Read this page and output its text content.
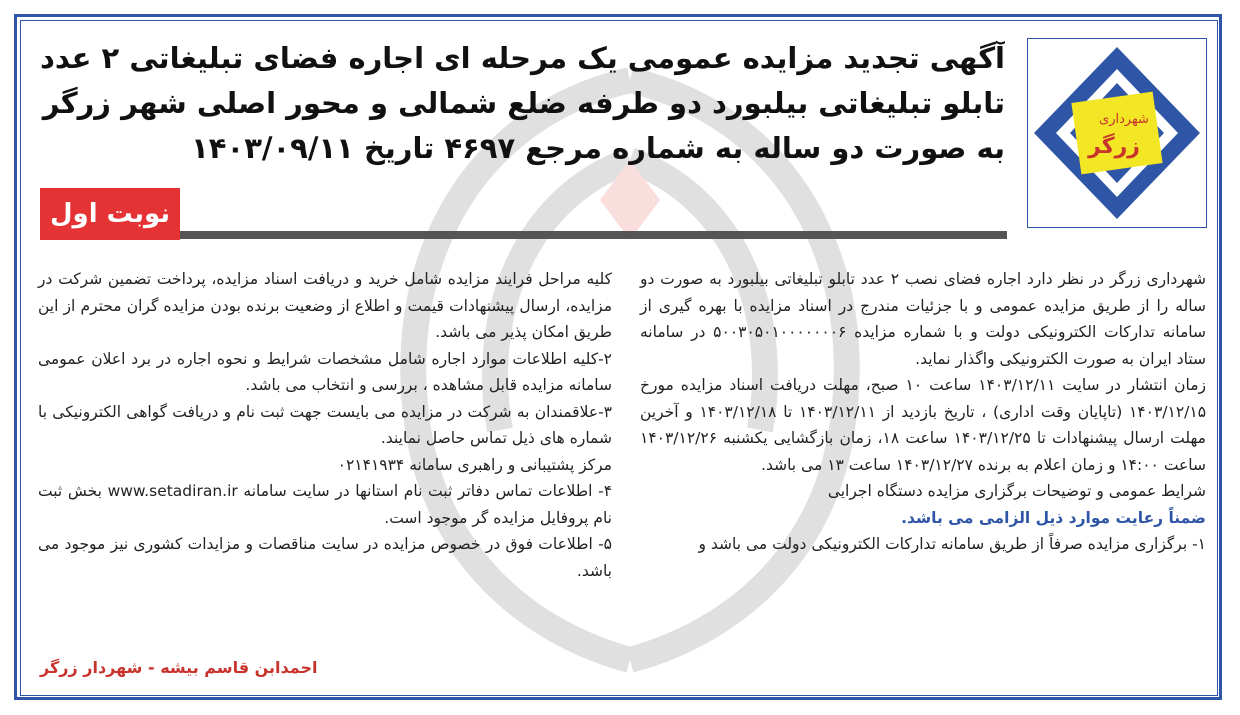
شهرداری
زرگر
آگهی تجدید مزایده عمومی یک مرحله ای اجاره فضای تبلیغاتی ۲ عدد
تابلو تبلیغاتی بیلبورد دو طرفه ضلع شمالی و محور اصلی شهر زرگر
به صورت دو ساله به شماره مرجع ۴۶۹۷ تاریخ ۱۴۰۳/۰۹/۱۱
نوبت اول

شهرداری زرگر در نظر دارد اجاره فضای نصب ۲ عدد تابلو تبلیغاتی بیلبورد به صورت دو ساله را از طریق مزایده عمومی و با جزئیات مندرج در اسناد مزایده با بهره گیری از سامانه تدارکات الکترونیکی دولت و با شماره مزایده ۵۰۰۳۰۵۰۱۰۰۰۰۰۰۰۶ در سامانه ستاد ایران به صورت الکترونیکی واگذار نماید.

زمان انتشار در سایت ۱۴۰۳/۱۲/۱۱ ساعت ۱۰ صبح، مهلت دریافت اسناد مزایده مورخ ۱۴۰۳/۱۲/۱۵ (تاپایان وقت اداری) ، تاریخ بازدید از ۱۴۰۳/۱۲/۱۱ تا ۱۴۰۳/۱۲/۱۸ و آخرین مهلت ارسال پیشنهادات تا ۱۴۰۳/۱۲/۲۵ ساعت ۱۸، زمان بازگشایی یکشنبه ۱۴۰۳/۱۲/۲۶ ساعت ۱۴:۰۰ و زمان اعلام به برنده ۱۴۰۳/۱۲/۲۷ ساعت ۱۳ می باشد.

شرایط عمومی و توضیحات برگزاری مزایده دستگاه اجرایی

ضمناً رعایت موارد ذیل الزامی می باشد.

۱- برگزاری مزایده صرفاً از طریق سامانه تدارکات الکترونیکی دولت می باشد و

کلیه مراحل فرایند مزایده شامل خرید و دریافت اسناد مزایده، پرداخت تضمین شرکت در مزایده، ارسال پیشنهادات قیمت و اطلاع از وضعیت برنده بودن مزایده گران محترم از این طریق امکان پذیر می باشد.

۲-کلیه اطلاعات موارد اجاره شامل مشخصات شرایط و نحوه اجاره در برد اعلان عمومی سامانه مزایده قابل مشاهده ، بررسی و انتخاب می باشد.

۳-علاقمندان به شرکت در مزایده می بایست جهت ثبت نام و دریافت گواهی الکترونیکی با شماره های ذیل تماس حاصل نمایند.

مرکز پشتیبانی و راهبری سامانه ۰۲۱۴۱۹۳۴

۴- اطلاعات تماس دفاتر ثبت نام استانها در سایت سامانه www.setadiran.ir بخش ثبت نام پروفایل مزایده گر موجود است.

۵- اطلاعات فوق در خصوص مزایده در سایت مناقصات و مزایدات کشوری نیز موجود می باشد.

احمدابن قاسم بیشه - شهردار زرگر
